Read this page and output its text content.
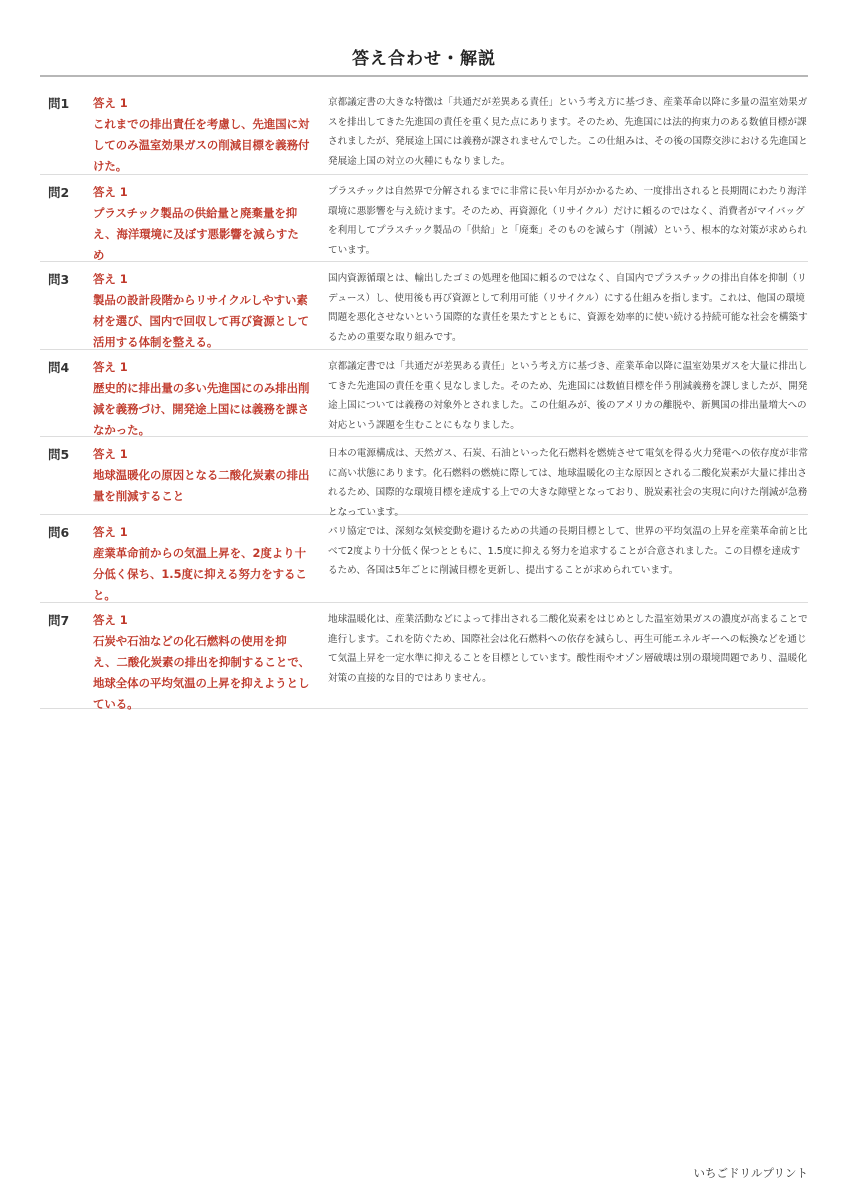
答え合わせ・解説
問1	答え 1
これまでの排出責任を考慮し、先進国に対してのみ温室効果ガスの削減目標を義務付けた。
京都議定書の大きな特徴は「共通だが差異ある責任」という考え方に基づき、産業革命以降に多量の温室効果ガスを排出してきた先進国の責任を重く見た点にあります。そのため、先進国には法的拘束力のある数値目標が課されましたが、発展途上国には義務が課されませんでした。この仕組みは、その後の国際交渉における先進国と発展途上国の対立の火種にもなりました。
問2	答え 1
プラスチック製品の供給量と廃棄量を抑え、海洋環境に及ぼす悪影響を減らすため
プラスチックは自然界で分解されるまでに非常に長い年月がかかるため、一度排出されると長期間にわたり海洋環境に悪影響を与え続けます。そのため、再資源化（リサイクル）だけに頼るのではなく、消費者がマイバッグを利用してプラスチック製品の「供給」と「廃棄」そのものを減らす（削減）という、根本的な対策が求められています。
問3	答え 1
製品の設計段階からリサイクルしやすい素材を選び、国内で回収して再び資源として活用する体制を整える。
国内資源循環とは、輸出したゴミの処理を他国に頼るのではなく、自国内でプラスチックの排出自体を抑制（リデュース）し、使用後も再び資源として利用可能（リサイクル）にする仕組みを指します。これは、他国の環境問題を悪化させないという国際的な責任を果たすとともに、資源を効率的に使い続ける持続可能な社会を構築するための重要な取り組みです。
問4	答え 1
歴史的に排出量の多い先進国にのみ排出削減を義務づけ、開発途上国には義務を課さなかった。
京都議定書では「共通だが差異ある責任」という考え方に基づき、産業革命以降に温室効果ガスを大量に排出してきた先進国の責任を重く見なしました。そのため、先進国には数値目標を伴う削減義務を課しましたが、開発途上国については義務の対象外とされました。この仕組みが、後のアメリカの離脱や、新興国の排出量増大への対応という課題を生むことにもなりました。
問5	答え 1
地球温暖化の原因となる二酸化炭素の排出量を削減すること
日本の電源構成は、天然ガス、石炭、石油といった化石燃料を燃焼させて電気を得る火力発電への依存度が非常に高い状態にあります。化石燃料の燃焼に際しては、地球温暖化の主な原因とされる二酸化炭素が大量に排出されるため、国際的な環境目標を達成する上での大きな障壁となっており、脱炭素社会の実現に向けた削減が急務となっています。
問6	答え 1
産業革命前からの気温上昇を、2度より十分低く保ち、1.5度に抑える努力をすること。
パリ協定では、深刻な気候変動を避けるための共通の長期目標として、世界の平均気温の上昇を産業革命前と比べて2度より十分低く保つとともに、1.5度に抑える努力を追求することが合意されました。この目標を達成するため、各国は5年ごとに削減目標を更新し、提出することが求められています。
問7	答え 1
石炭や石油などの化石燃料の使用を抑え、二酸化炭素の排出を抑制することで、地球全体の平均気温の上昇を抑えようとしている。
地球温暖化は、産業活動などによって排出される二酸化炭素をはじめとした温室効果ガスの濃度が高まることで進行します。これを防ぐため、国際社会は化石燃料への依存を減らし、再生可能エネルギーへの転換などを通じて気温上昇を一定水準に抑えることを目標としています。酸性雨やオゾン層破壊は別の環境問題であり、温暖化対策の直接的な目的ではありません。
いちごドリルプリント
